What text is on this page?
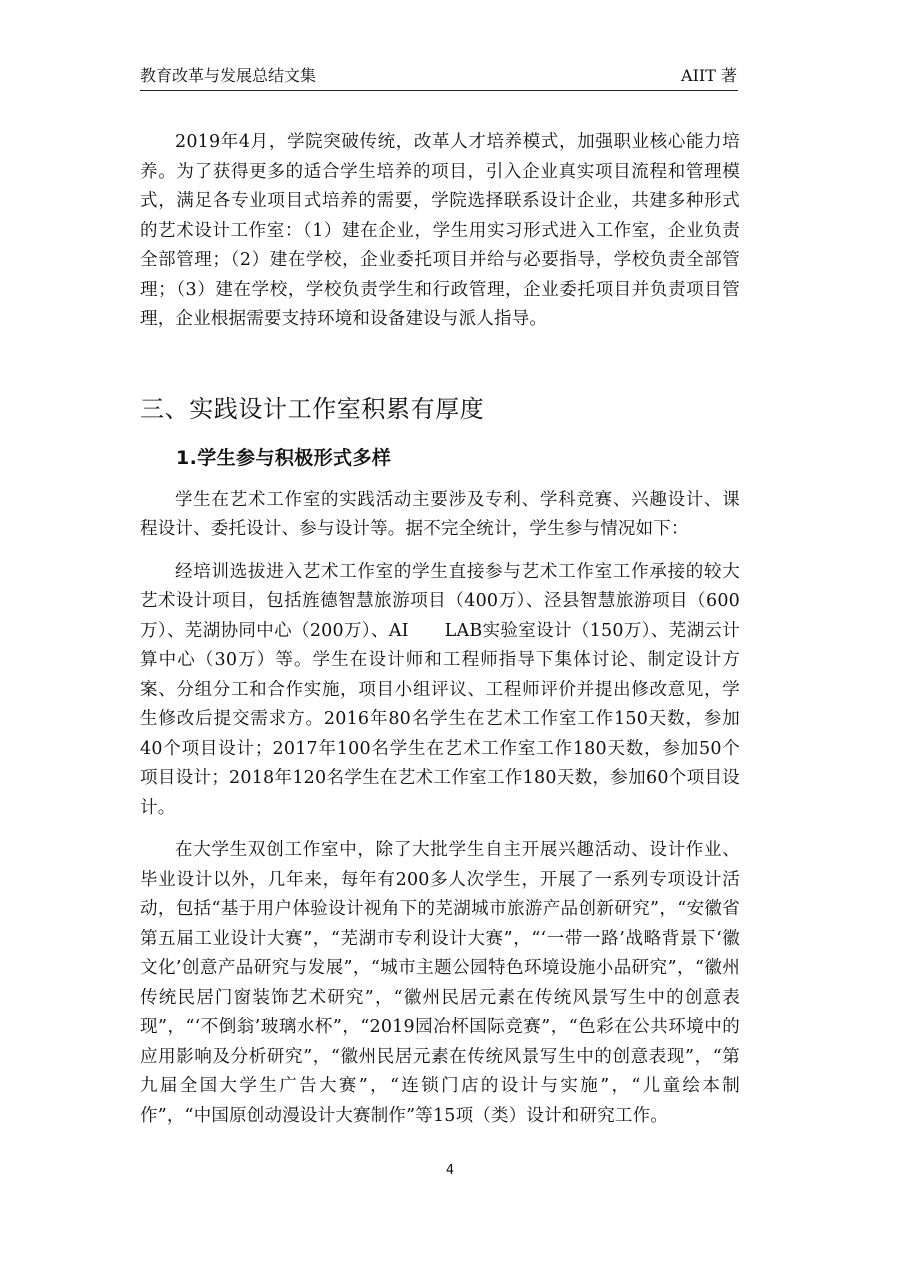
教育改革与发展总结文集	AIIT 著

2019年4月，学院突破传统，改革人才培养模式，加强职业核心能力培养。为了获得更多的适合学生培养的项目，引入企业真实项目流程和管理模式，满足各专业项目式培养的需要，学院选择联系设计企业，共建多种形式的艺术设计工作室：（1）建在企业，学生用实习形式进入工作室，企业负责全部管理；（2）建在学校，企业委托项目并给与必要指导，学校负责全部管理；（3）建在学校，学校负责学生和行政管理，企业委托项目并负责项目管理，企业根据需要支持环境和设备建设与派人指导。

三、实践设计工作室积累有厚度
1.学生参与积极形式多样

学生在艺术工作室的实践活动主要涉及专利、学科竞赛、兴趣设计、课程设计、委托设计、参与设计等。据不完全统计，学生参与情况如下：

经培训选拔进入艺术工作室的学生直接参与艺术工作室工作承接的较大艺术设计项目，包括旌德智慧旅游项目（400万）、泾县智慧旅游项目（600万）、芜湖协同中心（200万）、AI　　LAB实验室设计（150万）、芜湖云计算中心（30万）等。学生在设计师和工程师指导下集体讨论、制定设计方案、分组分工和合作实施，项目小组评议、工程师评价并提出修改意见，学生修改后提交需求方。2016年80名学生在艺术工作室工作150天数，参加40个项目设计；2017年100名学生在艺术工作室工作180天数，参加50个项目设计；2018年120名学生在艺术工作室工作180天数，参加60个项目设计。

在大学生双创工作室中，除了大批学生自主开展兴趣活动、设计作业、毕业设计以外，几年来，每年有200多人次学生，开展了一系列专项设计活动，包括“基于用户体验设计视角下的芜湖城市旅游产品创新研究”，“安徽省第五届工业设计大赛”，“芜湖市专利设计大赛”，“‘一带一路’战略背景下‘徽文化’创意产品研究与发展”，“城市主题公园特色环境设施小品研究”，“徽州传统民居门窗装饰艺术研究”，“徽州民居元素在传统风景写生中的创意表现”，“‘不倒翁’玻璃水杯”，“2019园冶杯国际竞赛”，“色彩在公共环境中的应用影响及分析研究”，“徽州民居元素在传统风景写生中的创意表现”，“第九届全国大学生广告大赛”，“连锁门店的设计与实施”，“儿童绘本制作”，“中国原创动漫设计大赛制作”等15项（类）设计和研究工作。

4
